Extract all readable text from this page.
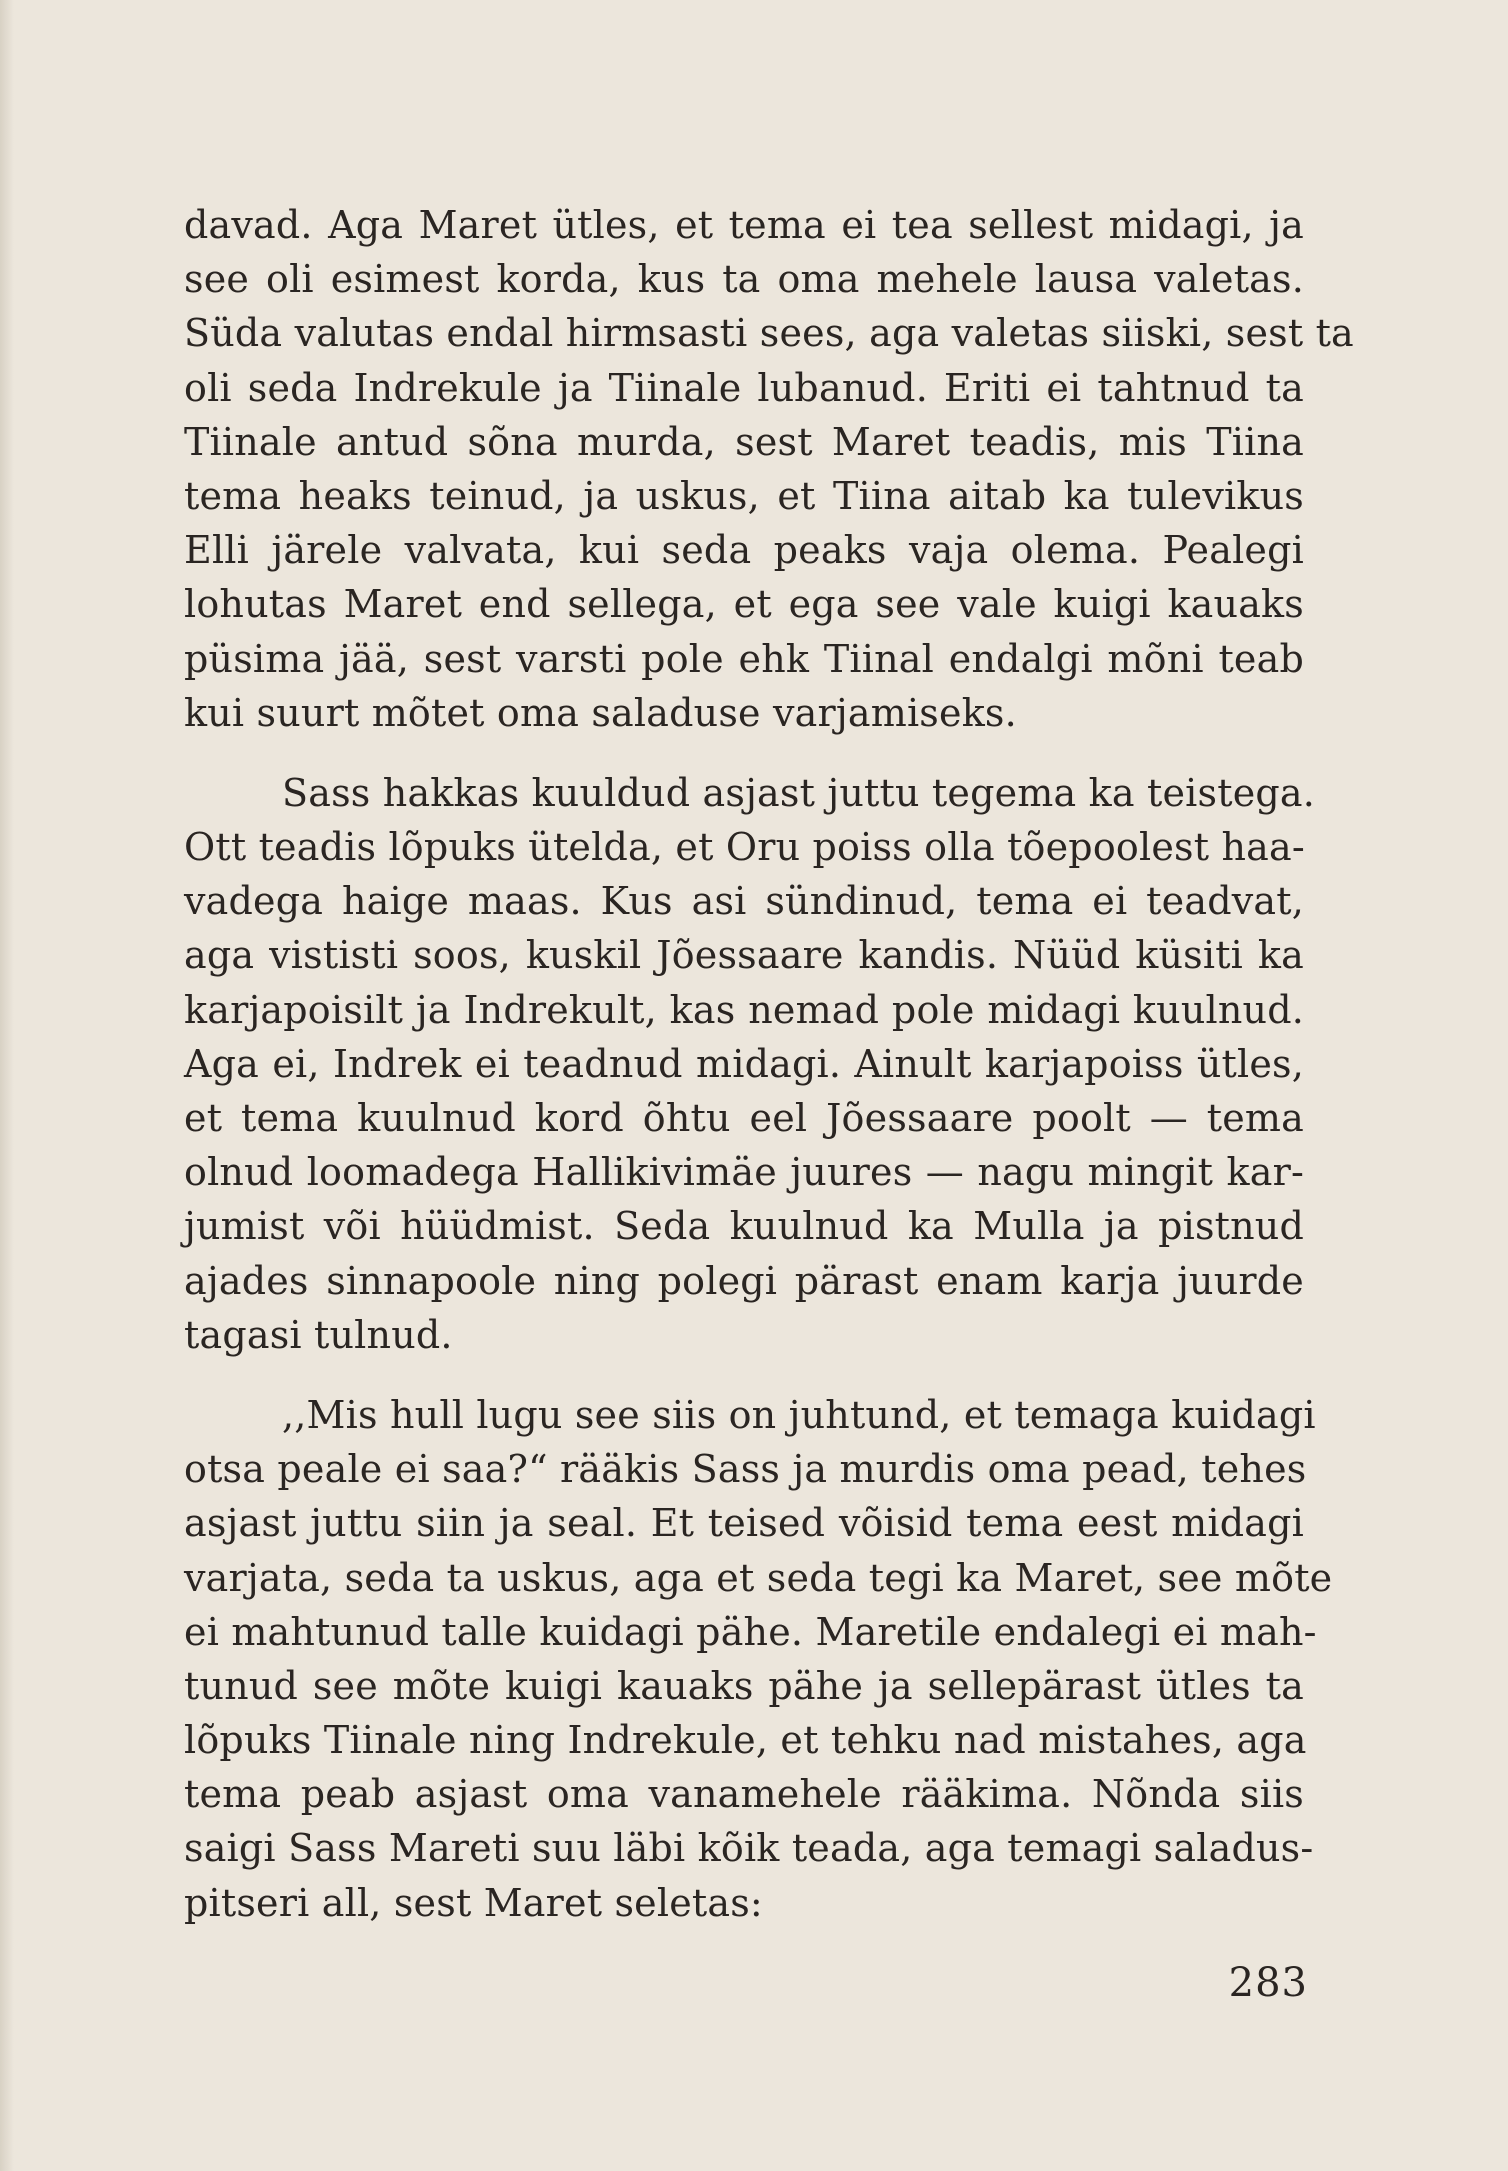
davad. Aga Maret ütles, et tema ei tea sellest midagi, ja
see oli esimest korda, kus ta oma mehele lausa valetas.
Süda valutas endal hirmsasti sees, aga valetas siiski, sest ta
oli seda Indrekule ja Tiinale lubanud. Eriti ei tahtnud ta
Tiinale antud sõna murda, sest Maret teadis, mis Tiina
tema heaks teinud, ja uskus, et Tiina aitab ka tulevikus
Elli järele valvata, kui seda peaks vaja olema. Pealegi
lohutas Maret end sellega, et ega see vale kuigi kauaks
püsima jää, sest varsti pole ehk Tiinal endalgi mõni teab
kui suurt mõtet oma saladuse varjamiseks.

Sass hakkas kuuldud asjast juttu tegema ka teistega.
Ott teadis lõpuks ütelda, et Oru poiss olla tõepoolest haa-
vadega haige maas. Kus asi sündinud, tema ei teadvat,
aga vististi soos, kuskil Jõessaare kandis. Nüüd küsiti ka
karjapoisilt ja Indrekult, kas nemad pole midagi kuulnud.
Aga ei, Indrek ei teadnud midagi. Ainult karjapoiss ütles,
et tema kuulnud kord õhtu eel Jõessaare poolt — tema
olnud loomadega Hallikivimäe juures — nagu mingit kar-
jumist või hüüdmist. Seda kuulnud ka Mulla ja pistnud
ajades sinnapoole ning polegi pärast enam karja juurde
tagasi tulnud.

,,Mis hull lugu see siis on juhtund, et temaga kuidagi
otsa peale ei saa?“ rääkis Sass ja murdis oma pead, tehes
asjast juttu siin ja seal. Et teised võisid tema eest midagi
varjata, seda ta uskus, aga et seda tegi ka Maret, see mõte
ei mahtunud talle kuidagi pähe. Maretile endalegi ei mah-
tunud see mõte kuigi kauaks pähe ja sellepärast ütles ta
lõpuks Tiinale ning Indrekule, et tehku nad mistahes, aga
tema peab asjast oma vanamehele rääkima. Nõnda siis
saigi Sass Mareti suu läbi kõik teada, aga temagi saladus-
pitseri all, sest Maret seletas:

283
